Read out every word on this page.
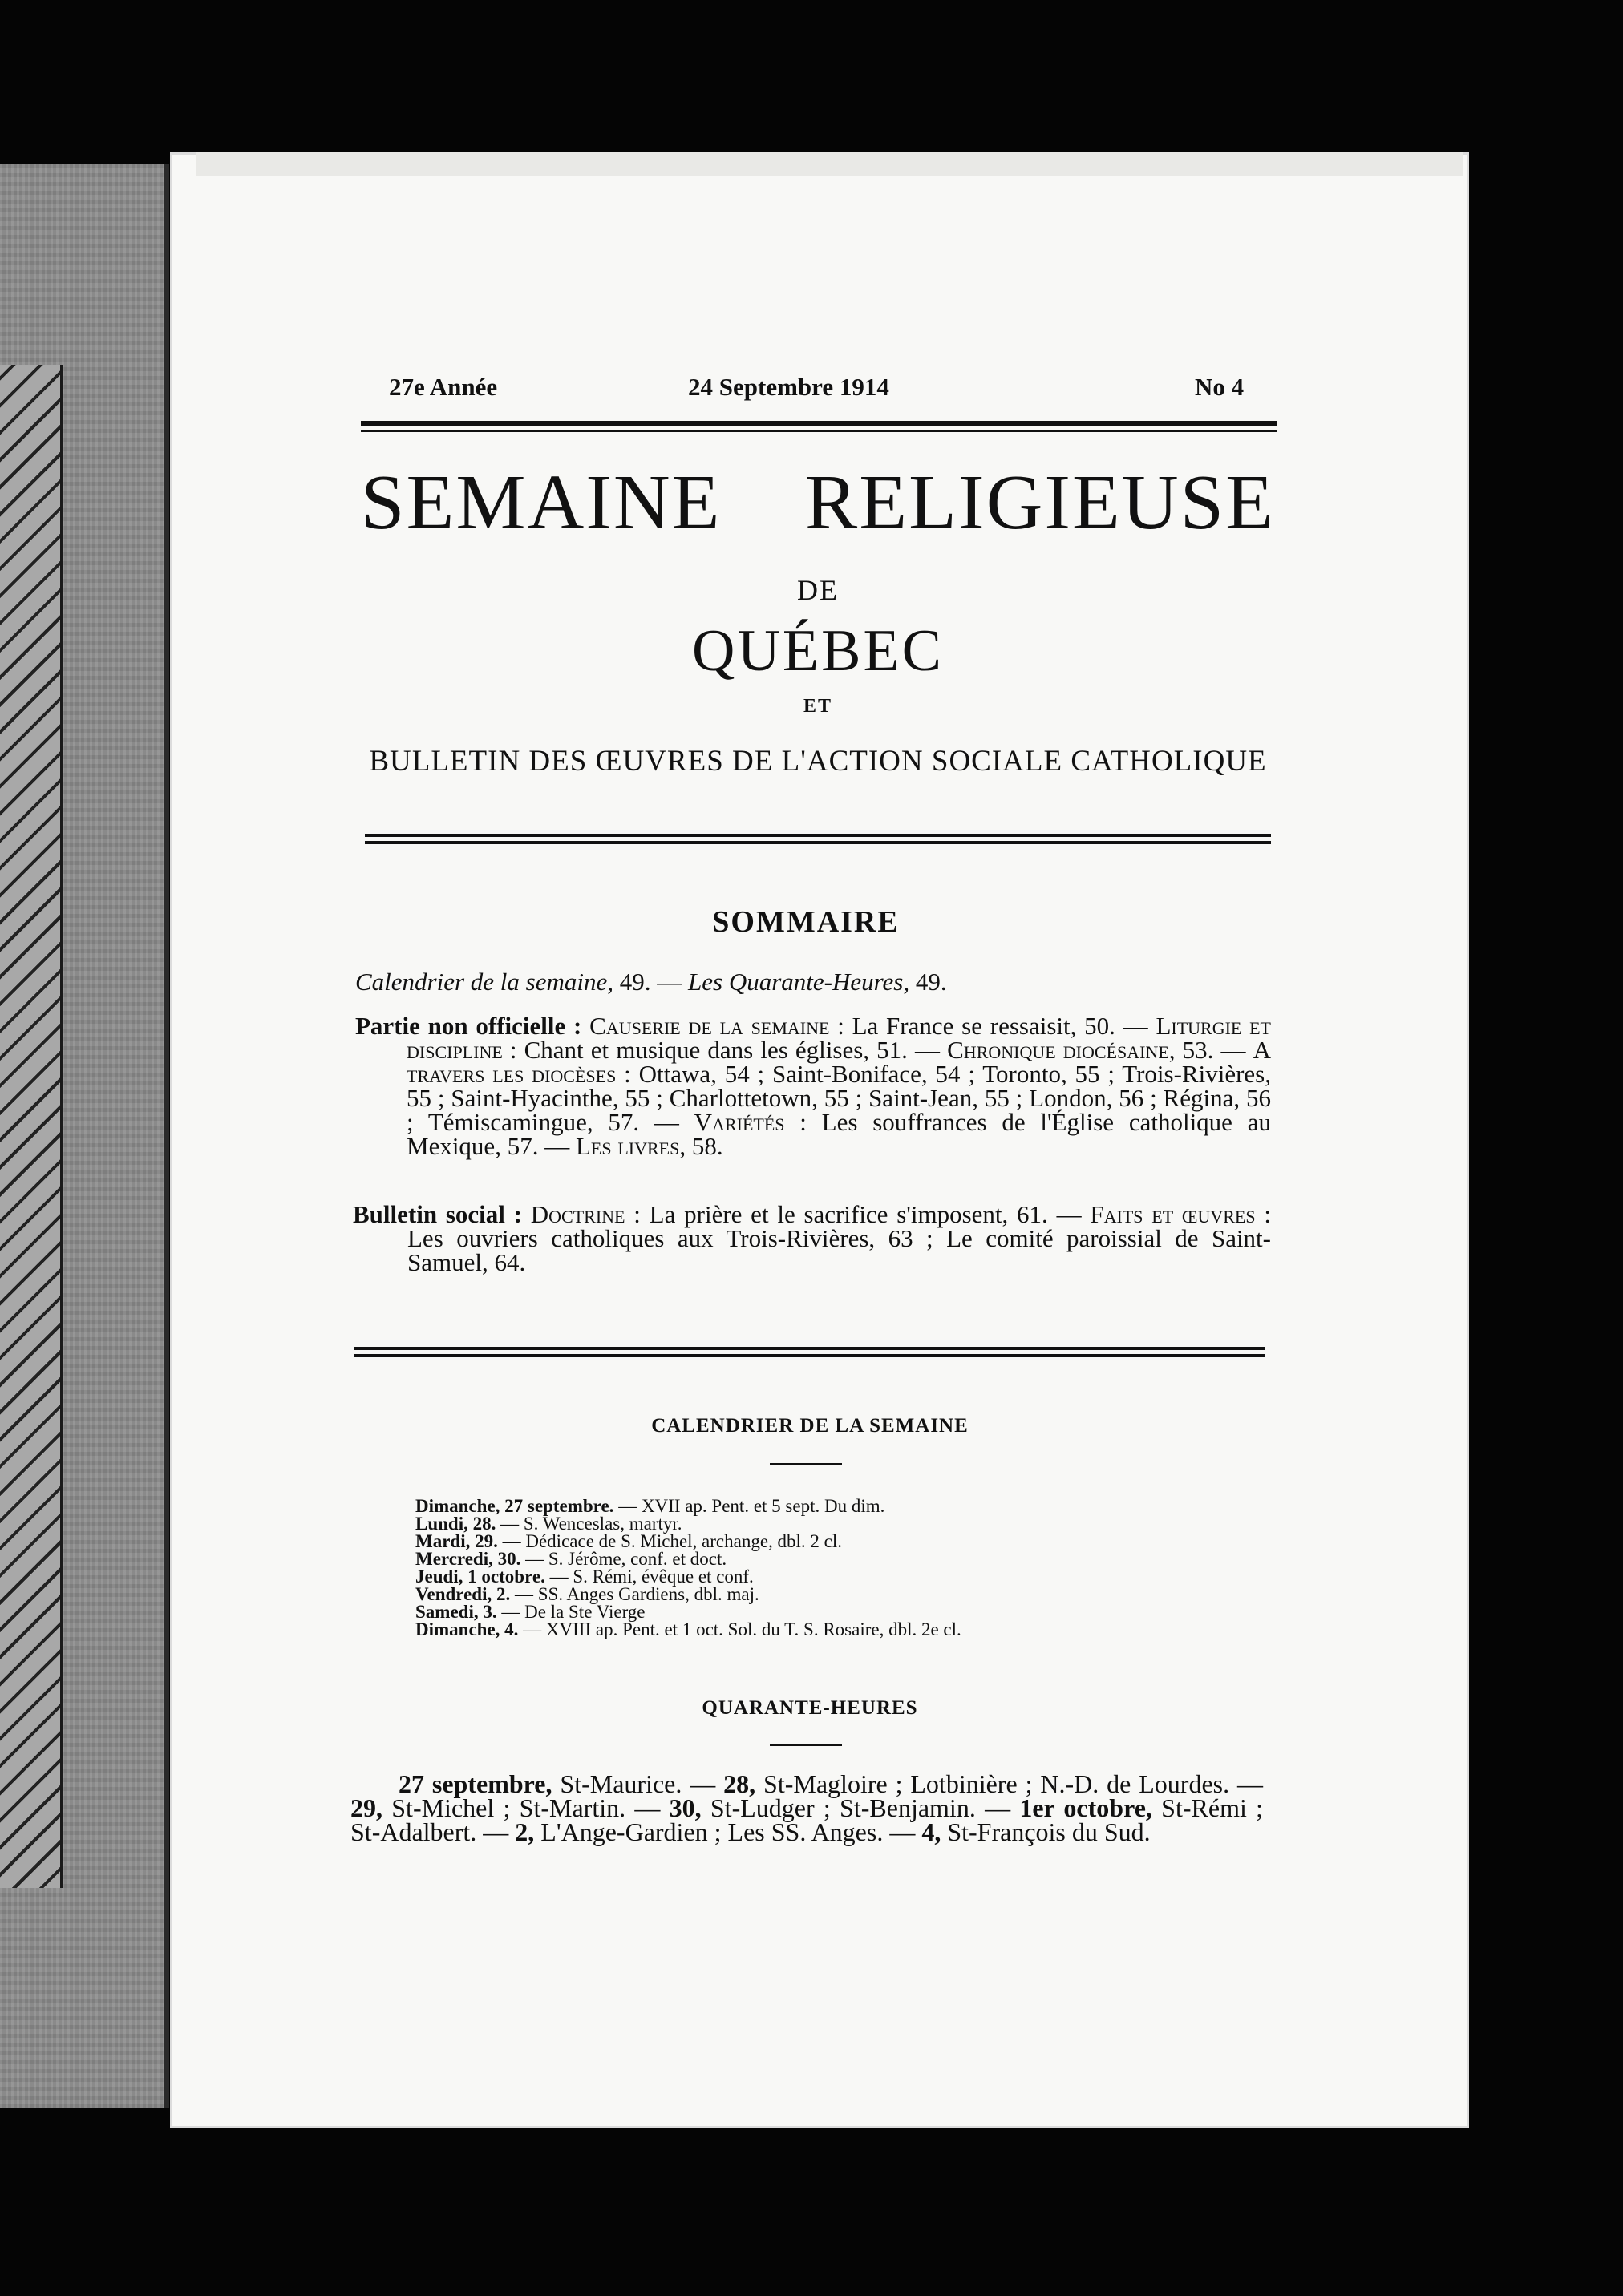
27e Année	24 Septembre 1914	No 4
SEMAINE RELIGIEUSE
DE
QUÉBEC
ET
BULLETIN DES ŒUVRES DE L'ACTION SOCIALE CATHOLIQUE
SOMMAIRE
Calendrier de la semaine, 49. — Les Quarante-Heures, 49.
Partie non officielle : Causerie de la semaine : La France se ressaisit, 50. — Liturgie et discipline : Chant et musique dans les églises, 51. — Chronique diocésaine, 53. — A travers les diocèses : Ottawa, 54 ; Saint-Boniface, 54 ; Toronto, 55 ; Trois-Rivières, 55 ; Saint-Hyacinthe, 55 ; Charlottetown, 55 ; Saint-Jean, 55 ; London, 56 ; Régina, 56 ; Témiscamingue, 57. — Variétés : Les souffrances de l'Église catholique au Mexique, 57. — Les livres, 58.
Bulletin social : Doctrine : La prière et le sacrifice s'imposent, 61. — Faits et œuvres : Les ouvriers catholiques aux Trois-Rivières, 63 ; Le comité paroissial de Saint-Samuel, 64.
CALENDRIER DE LA SEMAINE
Dimanche, 27 septembre. — XVII ap. Pent. et 5 sept. Du dim.
Lundi, 28. — S. Wenceslas, martyr.
Mardi, 29. — Dédicace de S. Michel, archange, dbl. 2 cl.
Mercredi, 30. — S. Jérôme, conf. et doct.
Jeudi, 1 octobre. — S. Rémi, évêque et conf.
Vendredi, 2. — SS. Anges Gardiens, dbl. maj.
Samedi, 3. — De la Ste Vierge
Dimanche, 4. — XVIII ap. Pent. et 1 oct. Sol. du T. S. Rosaire, dbl. 2e cl.
QUARANTE-HEURES

27 septembre, St-Maurice. — 28, St-Magloire ; Lotbinière ; N.-D. de Lourdes. — 29, St-Michel ; St-Martin. — 30, St-Ludger ; St-Benjamin. — 1er octobre, St-Rémi ; St-Adalbert. — 2, L'Ange-Gardien ; Les SS. Anges. — 4, St-François du Sud.
